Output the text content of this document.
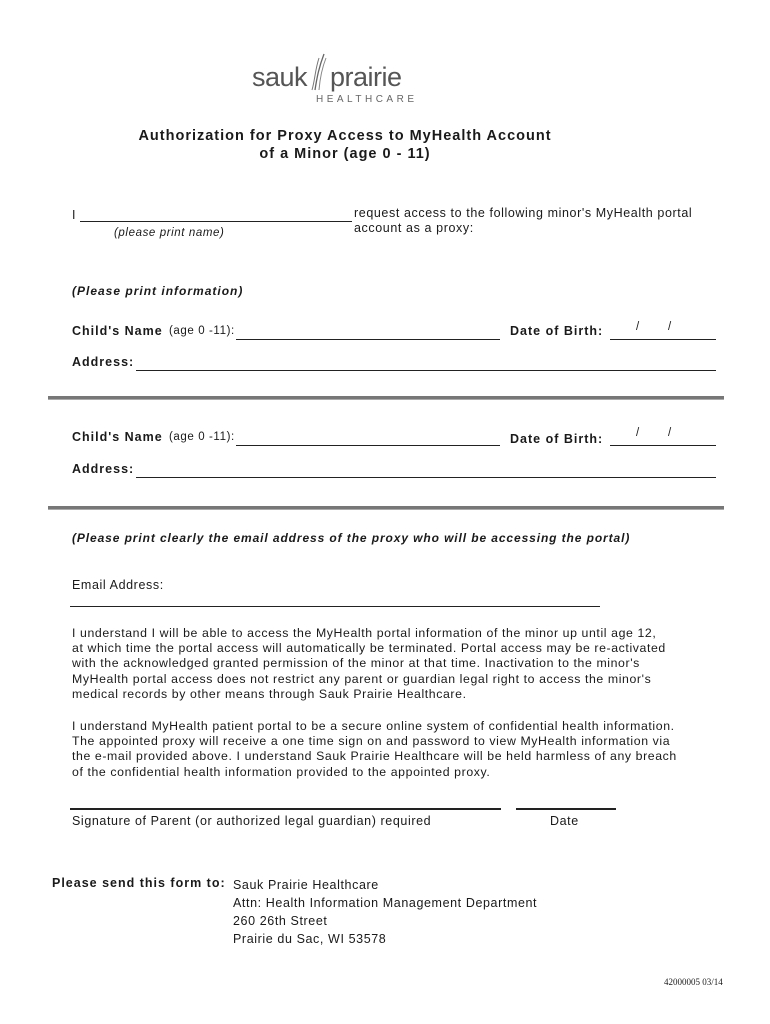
sauk prairie
HEALTHCARE
Authorization for Proxy Access to MyHealth Account
of a Minor (age 0 - 11)
I
(please print name)
request access to the following minor's MyHealth portal
account as a proxy:
(Please print information)
Child's Name (age 0 -11):	Date of Birth:	/ /
Address:
Child's Name (age 0 -11):	Date of Birth:	/ /
Address:
(Please print clearly the email address of the proxy who will be accessing the portal)
Email Address:

I understand I will be able to access the MyHealth portal information of the minor up until age 12,

at which time the portal access will automatically be terminated. Portal access may be re-activated

with the acknowledged granted permission of the minor at that time. Inactivation to the minor's

MyHealth portal access does not restrict any parent or guardian legal right to access the minor's

medical records by other means through Sauk Prairie Healthcare.

I understand MyHealth patient portal to be a secure online system of confidential health information.

The appointed proxy will receive a one time sign on and password to view MyHealth information via

the e-mail provided above. I understand Sauk Prairie Healthcare will be held harmless of any breach

of the confidential health information provided to the appointed proxy.

Signature of Parent (or authorized legal guardian) required	Date
Please send this form to: Sauk Prairie Healthcare
Attn: Health Information Management Department
260 26th Street
Prairie du Sac, WI 53578
42000005 03/14
